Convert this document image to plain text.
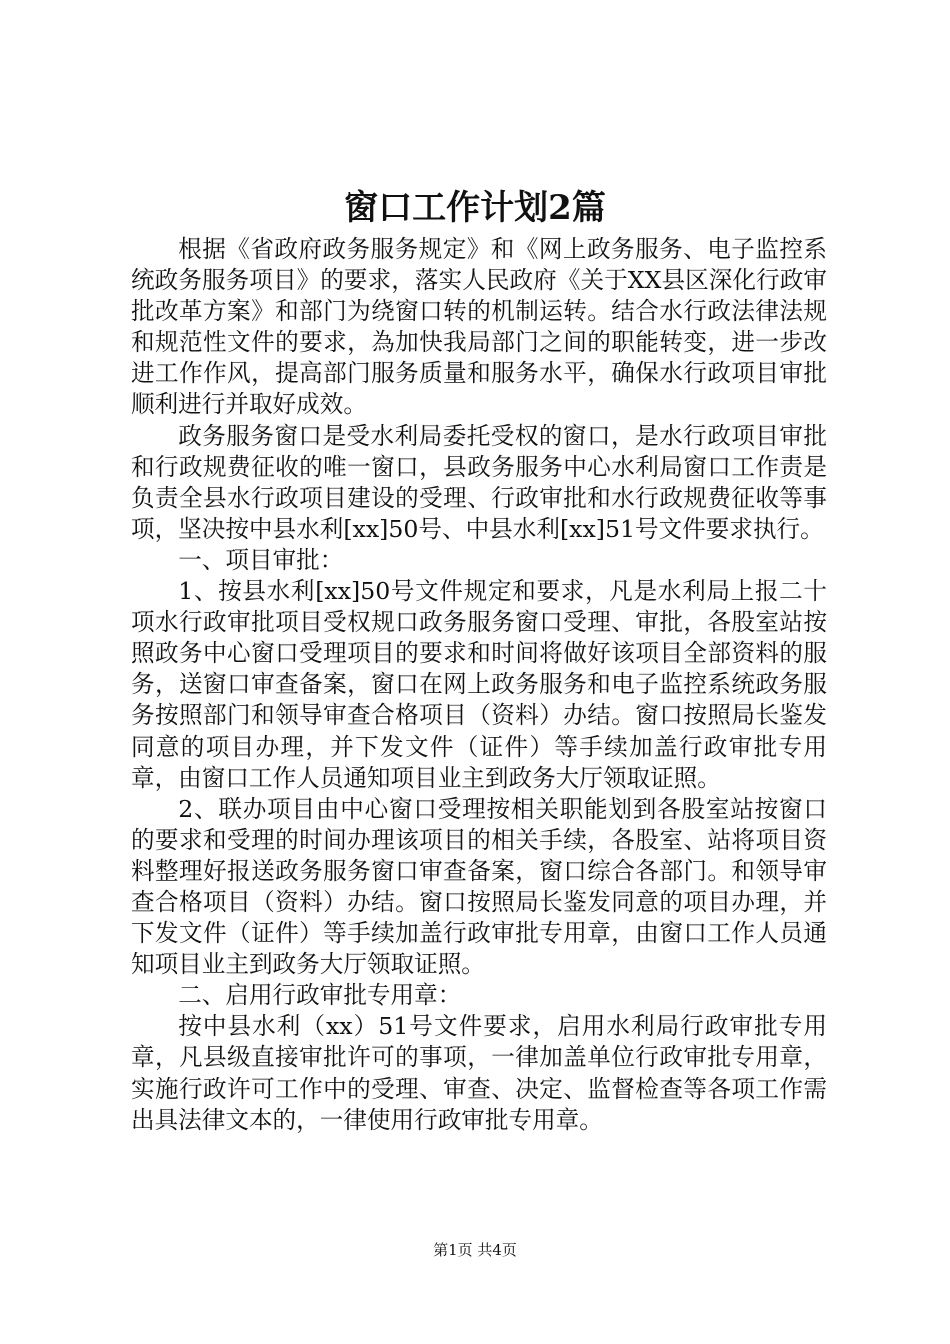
窗口工作计划2篇

根据《省政府政务服务规定》和《网上政务服务、电子监控系统政务服务项目》的要求，落实人民政府《关于XX县区深化行政审批改革方案》和部门为绕窗口转的机制运转。结合水行政法律法规和规范性文件的要求，為加快我局部门之间的职能转变，进一步改进工作作风，提高部门服务质量和服务水平，确保水行政项目审批顺利进行并取好成效。

政务服务窗口是受水利局委托受权的窗口，是水行政项目审批和行政规费征收的唯一窗口，县政务服务中心水利局窗口工作责是负责全县水行政项目建设的受理、行政审批和水行政规费征收等事项，坚决按中县水利[xx]50号、中县水利[xx]51号文件要求执行。

一、项目审批：

1、按县水利[xx]50号文件规定和要求，凡是水利局上报二十项水行政审批项目受权规口政务服务窗口受理、审批，各股室站按照政务中心窗口受理项目的要求和时间将做好该项目全部资料的服务，送窗口审查备案，窗口在网上政务服务和电子监控系统政务服务按照部门和领导审查合格项目（资料）办结。窗口按照局长鉴发同意的项目办理，并下发文件（证件）等手续加盖行政审批专用章，由窗口工作人员通知项目业主到政务大厅领取证照。

2、联办项目由中心窗口受理按相关职能划到各股室站按窗口的要求和受理的时间办理该项目的相关手续，各股室、站将项目资料整理好报送政务服务窗口审查备案，窗口综合各部门。和领导审查合格项目（资料）办结。窗口按照局长鉴发同意的项目办理，并下发文件（证件）等手续加盖行政审批专用章，由窗口工作人员通知项目业主到政务大厅领取证照。

二、启用行政审批专用章：

按中县水利（xx）51号文件要求，启用水利局行政审批专用章，凡县级直接审批许可的事项，一律加盖单位行政审批专用章，实施行政许可工作中的受理、审查、决定、监督检查等各项工作需出具法律文本的，一律使用行政审批专用章。

第1页 共4页
